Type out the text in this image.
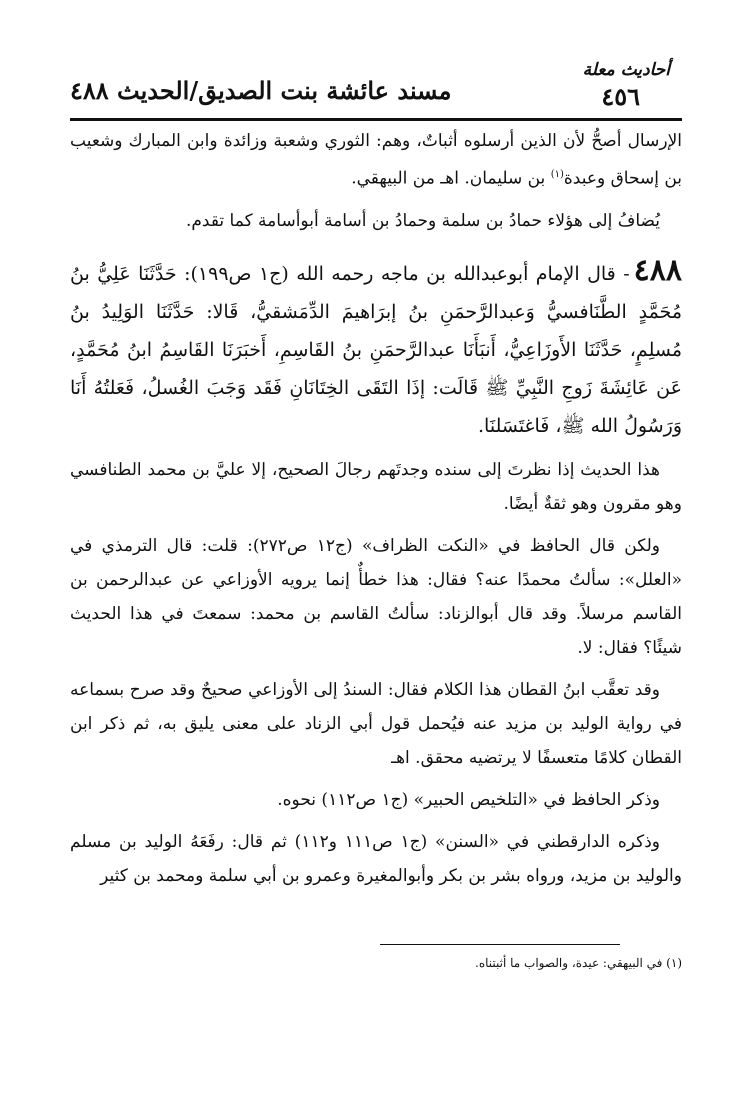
أحاديث معلة
٤٥٦
مسند عائشة بنت الصديق/الحديث ٤٨٨

الإرسال أصحُّ لأن الذين أرسلوه أثباتٌ، وهم: الثوري وشعبة وزائدة وابن المبارك وشعيب بن إسحاق وعبدة$^{(١)}$ بن سليمان. اهـ من البيهقي.

يُضافُ إلى هؤلاء حمادُ بن سلمة وحمادُ بن أسامة أبوأسامة كما تقدم.

٤٨٨- قال الإمام أبوعبدالله بن ماجه رحمه الله (ج١ ص١٩٩): حَدَّثَنَا عَلِيُّ بنُ مُحَمَّدٍ الطَّنَافسيُّ وَعبدالرَّحمَنِ بنُ إبرَاهيمَ الدِّمَشقيُّ، قَالا: حَدَّثَنَا الوَلِيدُ بنُ مُسلِمٍ، حَدَّثَنَا الأَوزَاعِيُّ، أَنبَأَنَا عبدالرَّحمَنِ بنُ القَاسِمِ، أَخبَرَنَا القَاسِمُ ابنُ مُحَمَّدٍ، عَن عَائِشَةَ زَوجِ النَّبِيِّ ﷺ قَالَت: إذَا التَقَى الخِتَانَانِ فَقَد وَجَبَ الغُسلُ، فَعَلتُهُ أَنَا وَرَسُولُ الله ﷺ، فَاغتَسَلنَا.

هذا الحديث إذا نظرتَ إلى سنده وجدتَهم رجالَ الصحيح، إلا عليَّ بن محمد الطنافسي وهو مقرون وهو ثقةٌ أيضًا.

ولكن قال الحافظ في «النكت الظراف» (ج١٢ ص٢٧٢): قلت: قال الترمذي في «العلل»: سألتُ محمدًا عنه؟ فقال: هذا خطأٌ إنما يرويه الأوزاعي عن عبدالرحمن بن القاسم مرسلاً. وقد قال أبوالزناد: سألتُ القاسم بن محمد: سمعتَ في هذا الحديث شيئًا؟ فقال: لا.

وقد تعقَّب ابنُ القطان هذا الكلام فقال: السندُ إلى الأوزاعي صحيحٌ وقد صرح بسماعه في رواية الوليد بن مزيد عنه فيُحمل قول أبي الزناد على معنى يليق به، ثم ذكر ابن القطان كلامًا متعسفًا لا يرتضيه محقق. اهـ

وذكر الحافظ في «التلخيص الحبير» (ج١ ص١١٢) نحوه.

وذكره الدارقطني في «السنن» (ج١ ص١١١ و١١٢) ثم قال: رفَعَهُ الوليد بن مسلم والوليد بن مزيد، ورواه بشر بن بكر وأبوالمغيرة وعمرو بن أبي سلمة ومحمد بن كثير

(١) في البيهقي: عيدة، والصواب ما أثبتناه.
